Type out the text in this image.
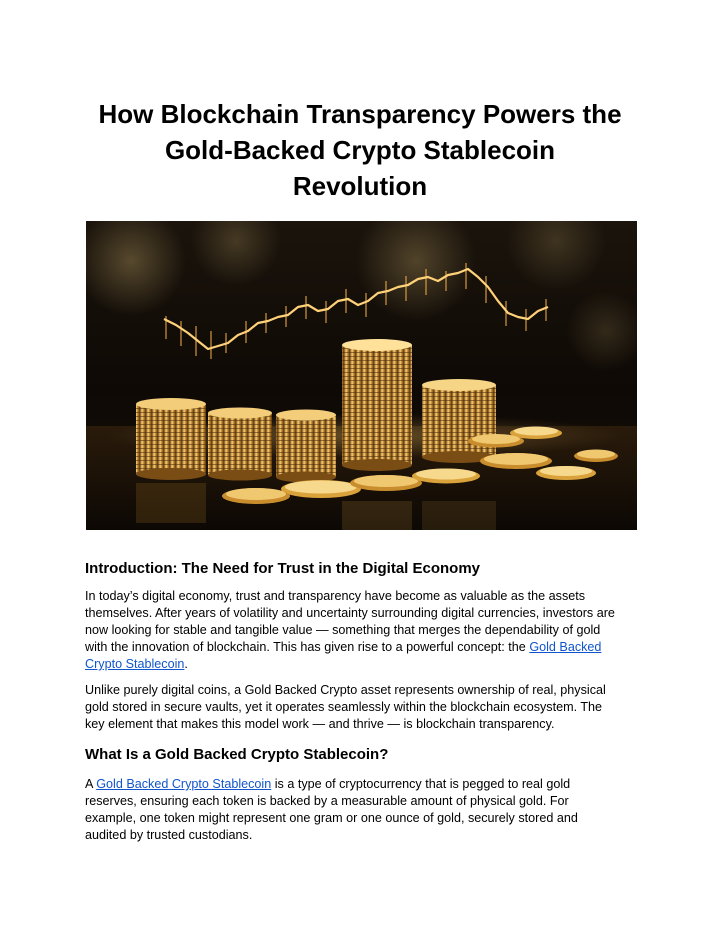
How Blockchain Transparency Powers the
Gold-Backed Crypto Stablecoin
Revolution
Introduction: The Need for Trust in the Digital Economy

In today’s digital economy, trust and transparency have become as valuable as the assets
themselves. After years of volatility and uncertainty surrounding digital currencies, investors are
now looking for stable and tangible value — something that merges the dependability of gold
with the innovation of blockchain. This has given rise to a powerful concept: the Gold Backed
Crypto Stablecoin.

Unlike purely digital coins, a Gold Backed Crypto asset represents ownership of real, physical
gold stored in secure vaults, yet it operates seamlessly within the blockchain ecosystem. The
key element that makes this model work — and thrive — is blockchain transparency.

What Is a Gold Backed Crypto Stablecoin?

A Gold Backed Crypto Stablecoin is a type of cryptocurrency that is pegged to real gold
reserves, ensuring each token is backed by a measurable amount of physical gold. For
example, one token might represent one gram or one ounce of gold, securely stored and
audited by trusted custodians.
